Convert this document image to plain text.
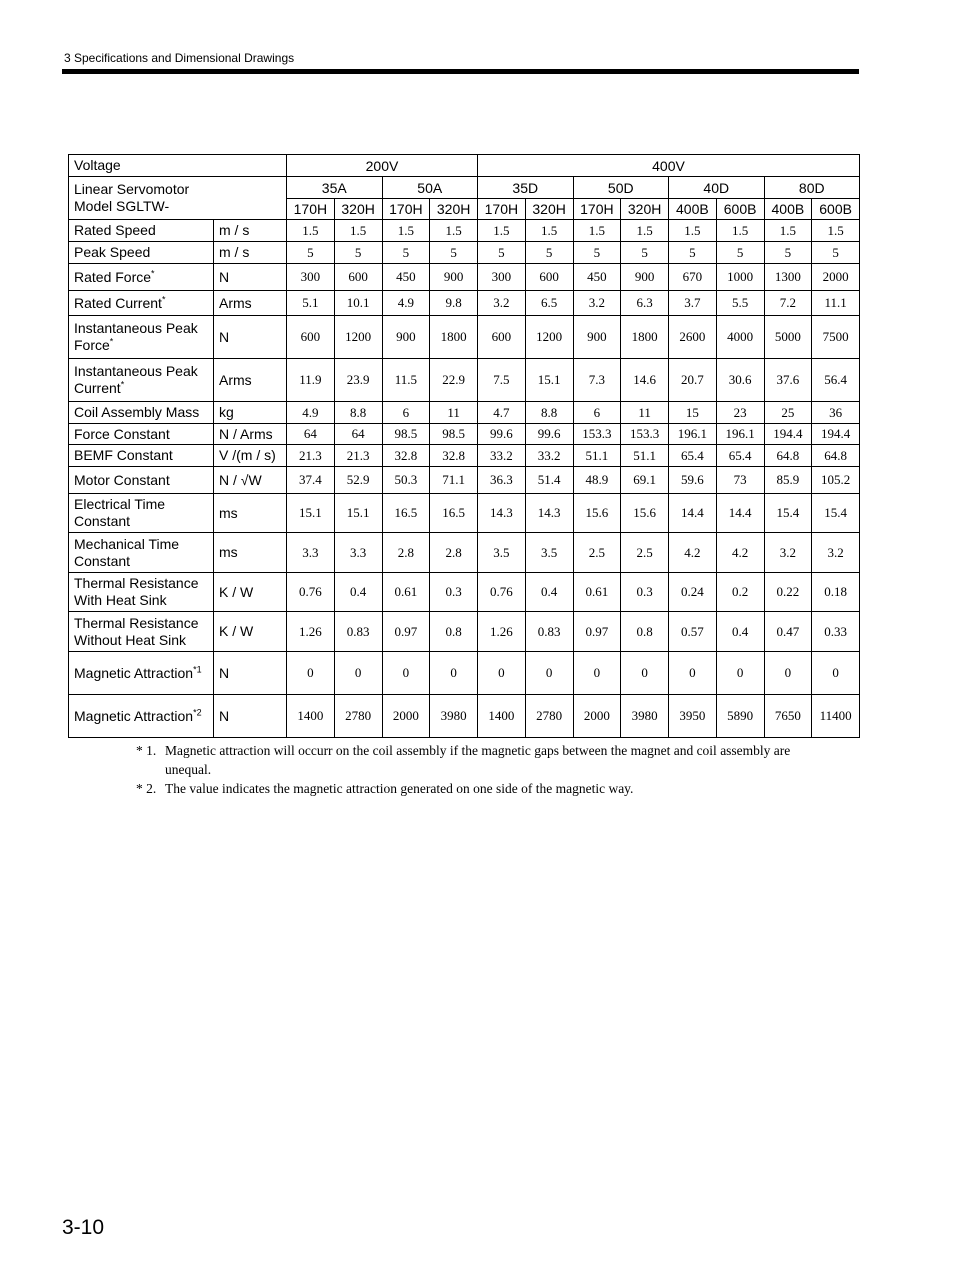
3 Specifications and Dimensional Drawings
Voltage		200V				400V							

Linear Servomotor
Model SGLTW-		35A		50A		35D		50D		40D		80D	
		170H	320H	170H	320H	170H	320H	170H	320H	400B	600B	400B	600B
Rated Speed	m / s	1.5	1.5	1.5	1.5	1.5	1.5	1.5	1.5	1.5	1.5	1.5	1.5
Peak Speed	m / s	5	5	5	5	5	5	5	5	5	5	5	5
Rated Force*	N	300	600	450	900	300	600	450	900	670	1000	1300	2000
Rated Current*	Arms	5.1	10.1	4.9	9.8	3.2	6.5	3.2	6.3	3.7	5.5	7.2	11.1
Instantaneous Peak Force*	N	600	1200	900	1800	600	1200	900	1800	2600	4000	5000	7500
Instantaneous Peak Current*	Arms	11.9	23.9	11.5	22.9	7.5	15.1	7.3	14.6	20.7	30.6	37.6	56.4
Coil Assembly Mass	kg	4.9	8.8	6	11	4.7	8.8	6	11	15	23	25	36
Force Constant	N / Arms	64	64	98.5	98.5	99.6	99.6	153.3	153.3	196.1	196.1	194.4	194.4
BEMF Constant	V /(m / s)	21.3	21.3	32.8	32.8	33.2	33.2	51.1	51.1	65.4	65.4	64.8	64.8
Motor Constant	N / √W	37.4	52.9	50.3	71.1	36.3	51.4	48.9	69.1	59.6	73	85.9	105.2
Electrical Time Constant	ms	15.1	15.1	16.5	16.5	14.3	14.3	15.6	15.6	14.4	14.4	15.4	15.4
Mechanical Time Constant	ms	3.3	3.3	2.8	2.8	3.5	3.5	2.5	2.5	4.2	4.2	3.2	3.2
Thermal Resistance With Heat Sink	K / W	0.76	0.4	0.61	0.3	0.76	0.4	0.61	0.3	0.24	0.2	0.22	0.18
Thermal Resistance Without Heat Sink	K / W	1.26	0.83	0.97	0.8	1.26	0.83	0.97	0.8	0.57	0.4	0.47	0.33
Magnetic Attraction$^{*1}$	N	0	0	0	0	0	0	0	0	0	0	0	0
Magnetic Attraction$^{*2}$	N	1400	2780	2000	3980	1400	2780	2000	3980	3950	5890	7650	11400
* 1. Magnetic attraction will occurr on the coil assembly if the magnetic gaps between the magnet and coil assembly are unequal.
* 2. The value indicates the magnetic attraction generated on one side of the magnetic way.
3-10
